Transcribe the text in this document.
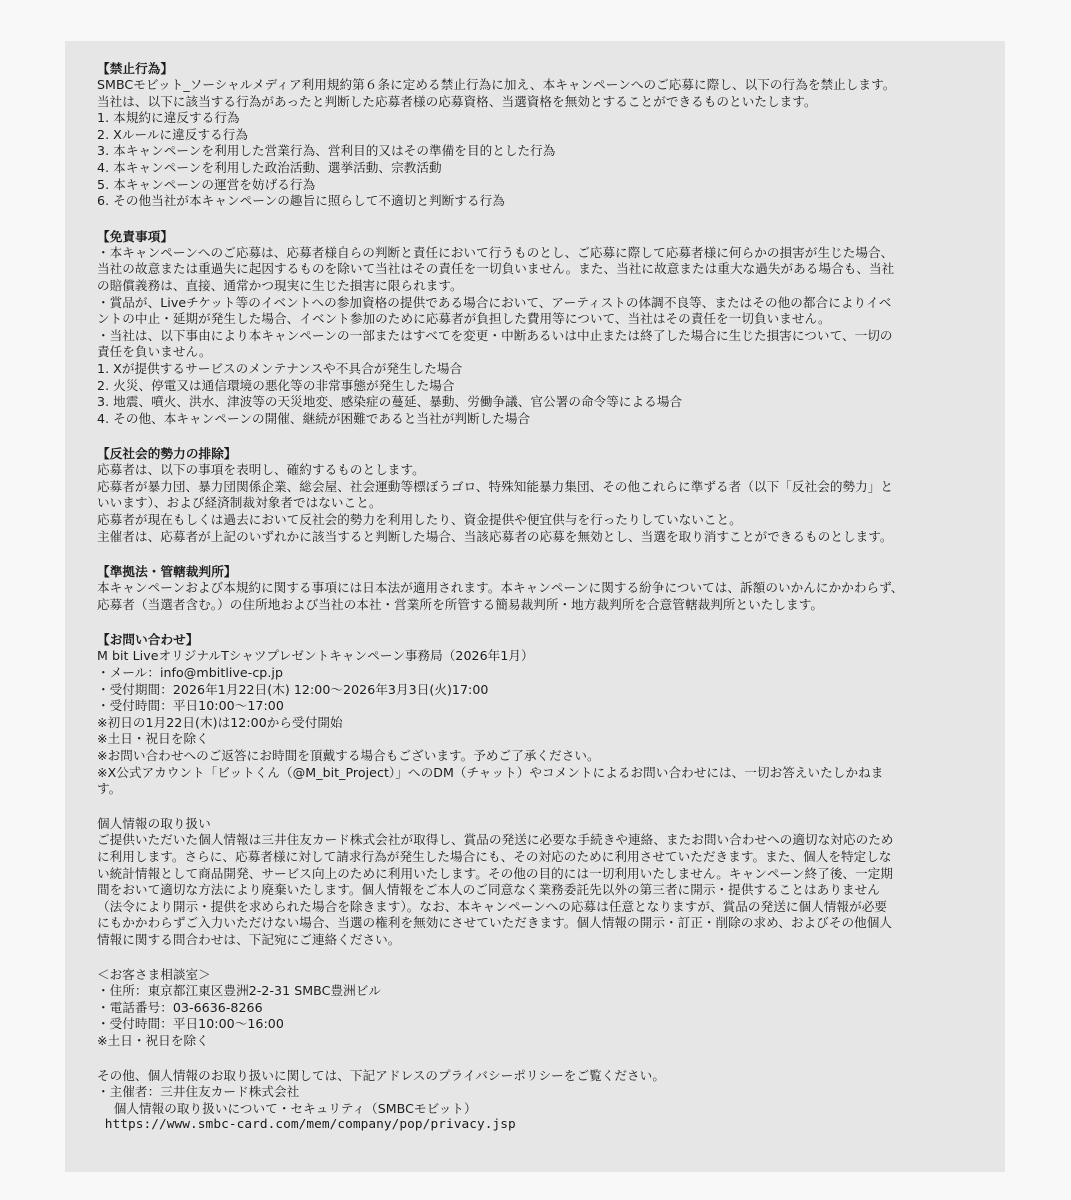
【禁止行為】
SMBCモビット_ソーシャルメディア利用規約第６条に定める禁止行為に加え、本キャンペーンへのご応募に際し、以下の行為を禁止します。
当社は、以下に該当する行為があったと判断した応募者様の応募資格、当選資格を無効とすることができるものといたします。
1. 本規約に違反する行為
2. Xルールに違反する行為
3. 本キャンペーンを利用した営業行為、営利目的又はその準備を目的とした行為
4. 本キャンペーンを利用した政治活動、選挙活動、宗教活動
5. 本キャンペーンの運営を妨げる行為
6. その他当社が本キャンペーンの趣旨に照らして不適切と判断する行為
【免責事項】
・本キャンペーンへのご応募は、応募者様自らの判断と責任において行うものとし、ご応募に際して応募者様に何らかの損害が生じた場合、
当社の故意または重過失に起因するものを除いて当社はその責任を一切負いません。また、当社に故意または重大な過失がある場合も、当社
の賠償義務は、直接、通常かつ現実に生じた損害に限られます。
・賞品が、Liveチケット等のイベントへの参加資格の提供である場合において、アーティストの体調不良等、またはその他の都合によりイベ
ントの中止・延期が発生した場合、イベント参加のために応募者が負担した費用等について、当社はその責任を一切負いません。
・当社は、以下事由により本キャンペーンの一部またはすべてを変更・中断あるいは中止または終了した場合に生じた損害について、一切の
責任を負いません。
1. Xが提供するサービスのメンテナンスや不具合が発生した場合
2. 火災、停電又は通信環境の悪化等の非常事態が発生した場合
3. 地震、噴火、洪水、津波等の天災地変、感染症の蔓延、暴動、労働争議、官公署の命令等による場合
4. その他、本キャンペーンの開催、継続が困難であると当社が判断した場合
【反社会的勢力の排除】
応募者は、以下の事項を表明し、確約するものとします。
応募者が暴力団、暴力団関係企業、総会屋、社会運動等標ぼうゴロ、特殊知能暴力集団、その他これらに準ずる者（以下「反社会的勢力」と
いいます）、および経済制裁対象者ではないこと。
応募者が現在もしくは過去において反社会的勢力を利用したり、資金提供や便宜供与を行ったりしていないこと。
主催者は、応募者が上記のいずれかに該当すると判断した場合、当該応募者の応募を無効とし、当選を取り消すことができるものとします。
【準拠法・管轄裁判所】
本キャンペーンおよび本規約に関する事項には日本法が適用されます。本キャンペーンに関する紛争については、訴額のいかんにかかわらず、
応募者（当選者含む。）の住所地および当社の本社・営業所を所管する簡易裁判所・地方裁判所を合意管轄裁判所といたします。
【お問い合わせ】
M bit LiveオリジナルTシャツプレゼントキャンペーン事務局（2026年1月）
・メール：info@mbitlive-cp.jp
・受付期間：2026年1月22日(木) 12:00〜2026年3月3日(火)17:00
・受付時間：平日10:00〜17:00
※初日の1月22日(木)は12:00から受付開始
※土日・祝日を除く
※お問い合わせへのご返答にお時間を頂戴する場合もございます。予めご了承ください。
※X公式アカウント「ビットくん（@M_bit_Project）」へのDM（チャット）やコメントによるお問い合わせには、一切お答えいたしかねま
す。
個人情報の取り扱い
ご提供いただいた個人情報は三井住友カード株式会社が取得し、賞品の発送に必要な手続きや連絡、またお問い合わせへの適切な対応のため
に利用します。さらに、応募者様に対して請求行為が発生した場合にも、その対応のために利用させていただきます。また、個人を特定しな
い統計情報として商品開発、サービス向上のために利用いたします。その他の目的には一切利用いたしません。キャンペーン終了後、一定期
間をおいて適切な方法により廃棄いたします。個人情報をご本人のご同意なく業務委託先以外の第三者に開示・提供することはありません
（法令により開示・提供を求められた場合を除きます）。なお、本キャンペーンへの応募は任意となりますが、賞品の発送に個人情報が必要
にもかかわらずご入力いただけない場合、当選の権利を無効にさせていただきます。個人情報の開示・訂正・削除の求め、およびその他個人
情報に関する問合わせは、下記宛にご連絡ください。
＜お客さま相談室＞
・住所：東京都江東区豊洲2-2-31 SMBC豊洲ビル
・電話番号：03-6636-8266
・受付時間：平日10:00〜16:00
※土日・祝日を除く
その他、個人情報のお取り扱いに関しては、下記アドレスのプライバシーポリシーをご覧ください。
・主催者：三井住友カード株式会社
　 個人情報の取り扱いについて・セキュリティ（SMBCモビット）
https://www.smbc-card.com/mem/company/pop/privacy.jsp
